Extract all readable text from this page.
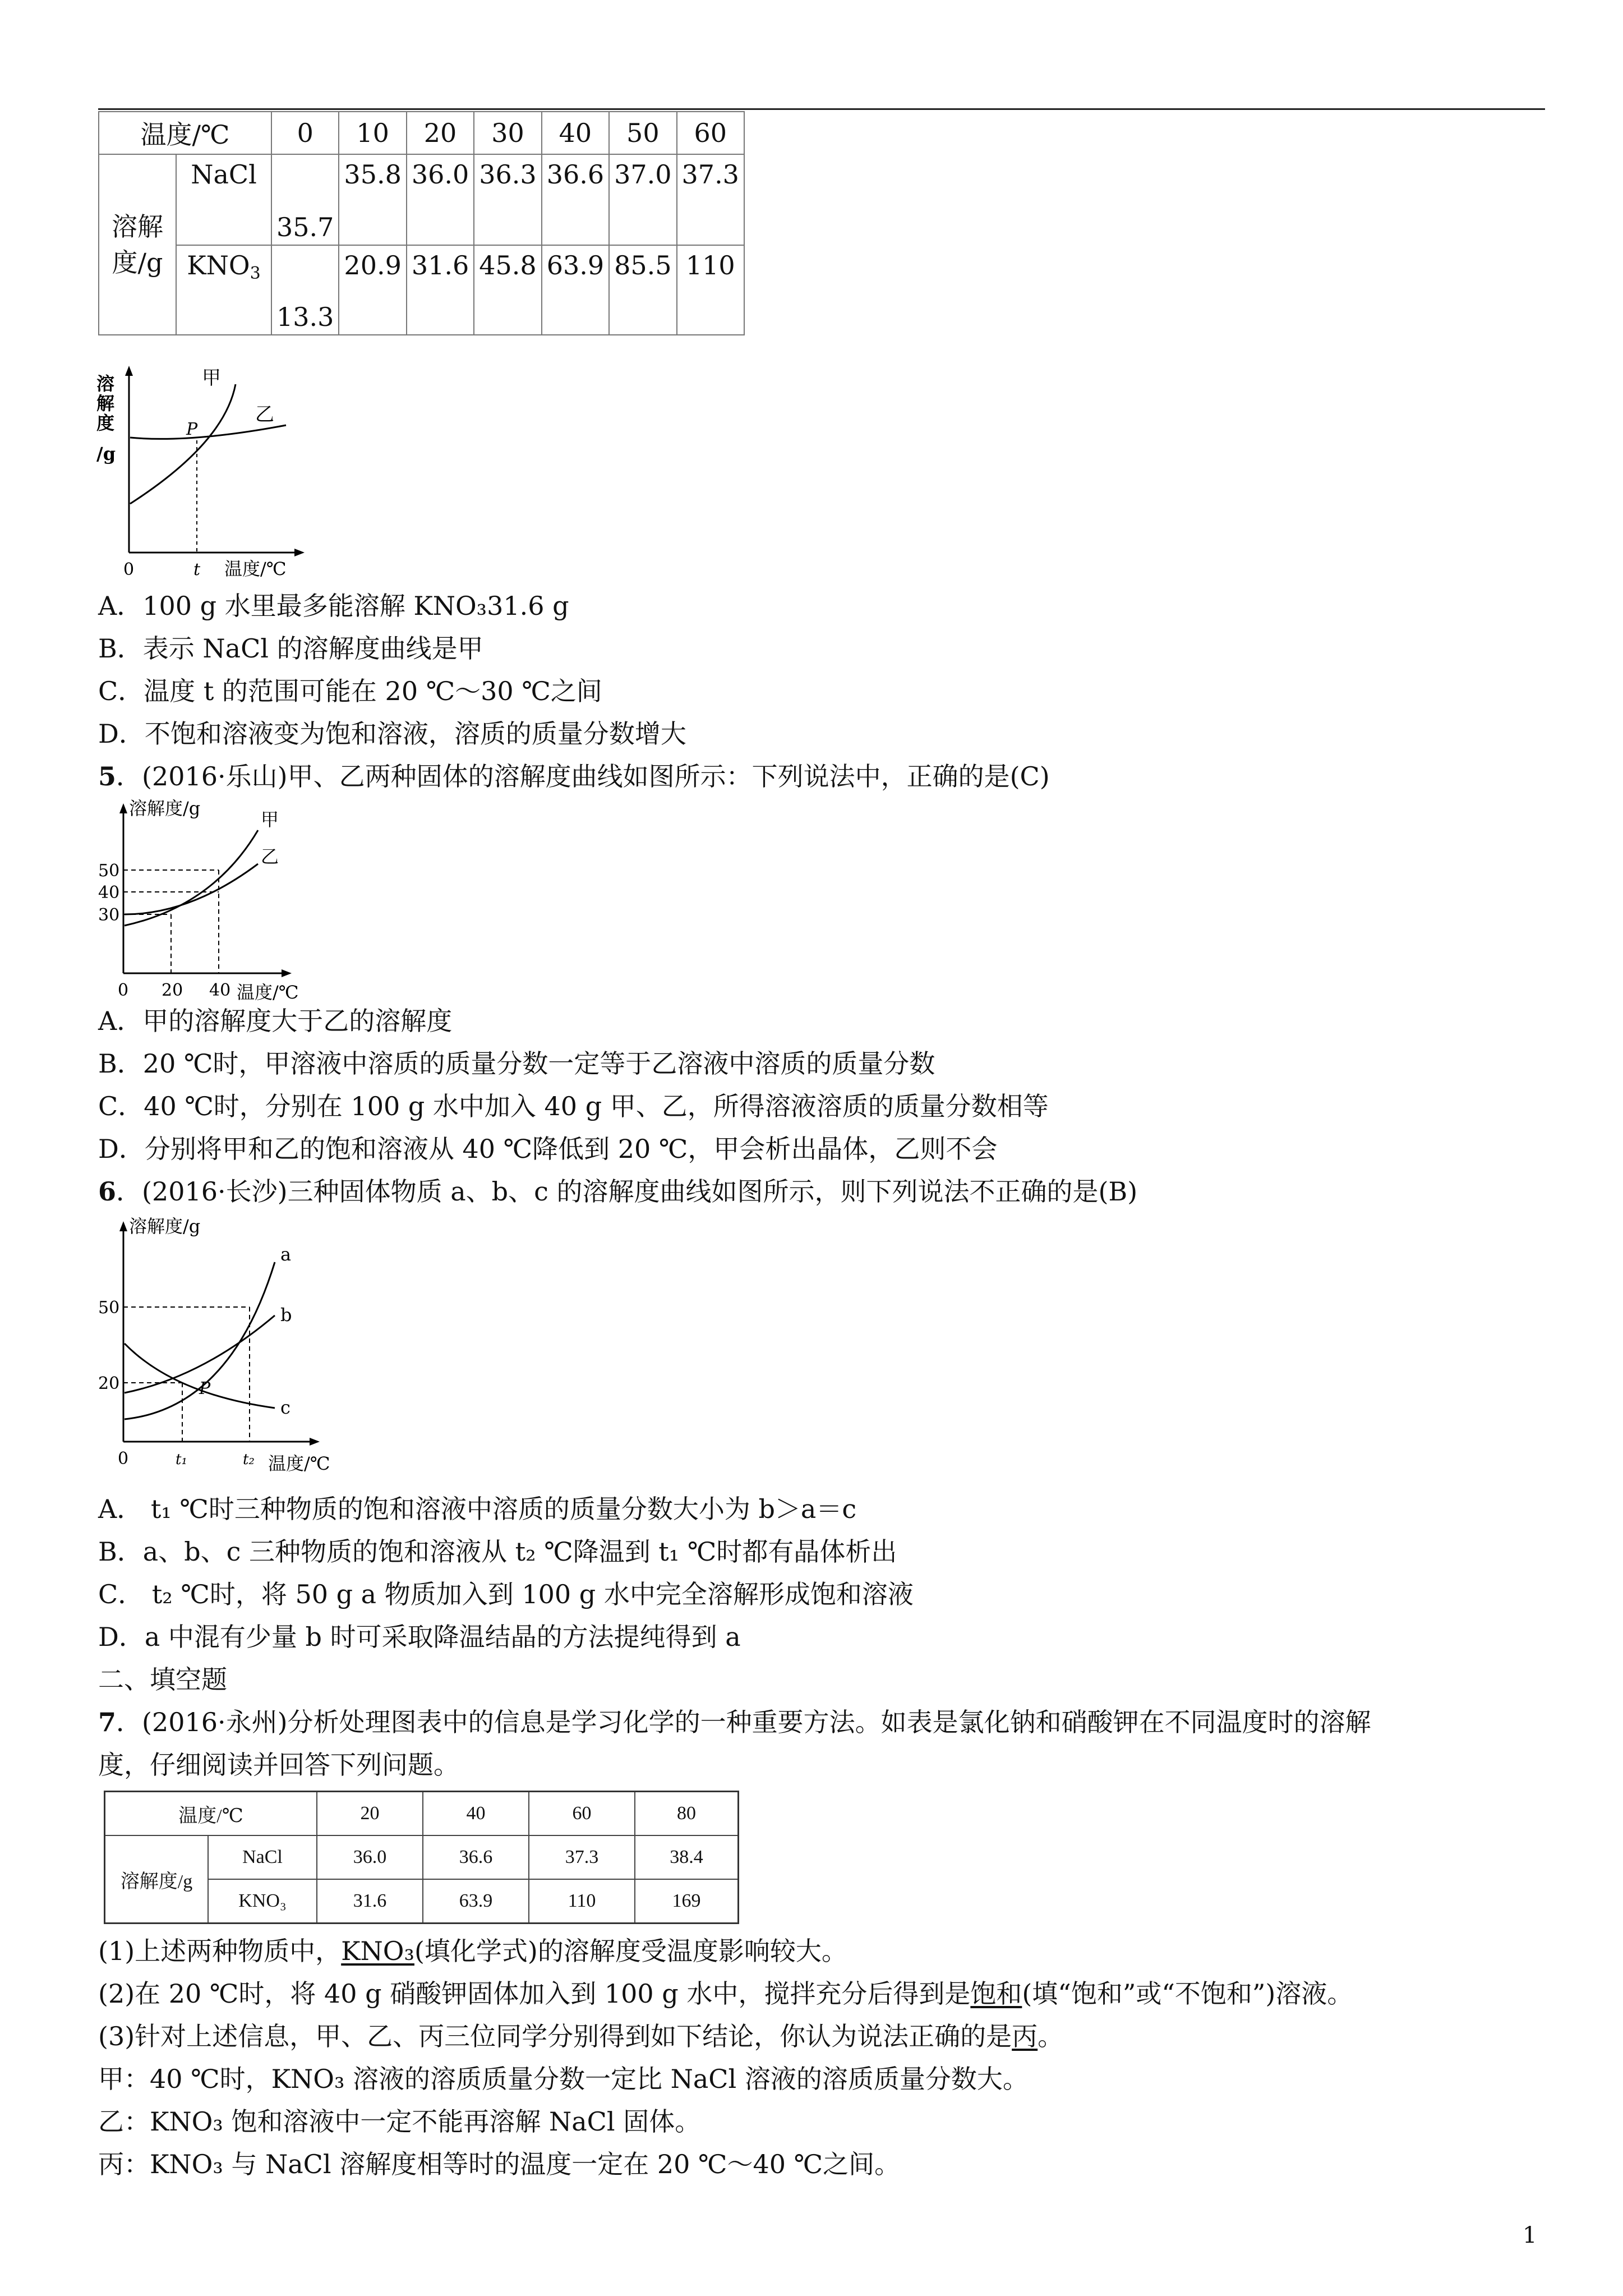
温度/℃		0	10	20	30	40	50	60

溶解
度/g	NaCl	35.7	35.8	36.0	36.3	36.6	37.0	37.3
	$KNO_3$	13.3	20.9	31.6	45.8	63.9	85.5	110
溶
解
度
/g
甲
乙
P
0	t 温度/℃
A．100 g 水里最多能溶解 KNO₃31.6 g
B．表示 NaCl 的溶解度曲线是甲
C．温度 t 的范围可能在 20 ℃～30 ℃之间
D．不饱和溶液变为饱和溶液，溶质的质量分数增大
5．(2016·乐山)甲、乙两种固体的溶解度曲线如图所示：下列说法中，正确的是(C)
溶解度/g
甲
乙
50
40
30
0 20 40 温度/℃
A．甲的溶解度大于乙的溶解度
B．20 ℃时，甲溶液中溶质的质量分数一定等于乙溶液中溶质的质量分数
C．40 ℃时，分别在 100 g 水中加入 40 g 甲、乙，所得溶液溶质的质量分数相等
D．分别将甲和乙的饱和溶液从 40 ℃降低到 20 ℃，甲会析出晶体，乙则不会
6．(2016·长沙)三种固体物质 a、b、c 的溶解度曲线如图所示，则下列说法不正确的是(B)
溶解度/g
a
b
c
P
50
20
0	t₁	t₂ 温度/℃
A． t₁ ℃时三种物质的饱和溶液中溶质的质量分数大小为 b＞a＝c
B．a、b、c 三种物质的饱和溶液从 t₂ ℃降温到 t₁ ℃时都有晶体析出
C． t₂ ℃时，将 50 g a 物质加入到 100 g 水中完全溶解形成饱和溶液
D．a 中混有少量 b 时可采取降温结晶的方法提纯得到 a
二、填空题
7．(2016·永州)分析处理图表中的信息是学习化学的一种重要方法。如表是氯化钠和硝酸钾在不同温度时的溶解
度，仔细阅读并回答下列问题。
温度/℃		20	40	60	80
溶解度/g	NaCl	36.0	36.6	37.3	38.4
	KNO₃	31.6	63.9	110	169
(1)上述两种物质中，KNO₃(填化学式)的溶解度受温度影响较大。
(2)在 20 ℃时，将 40 g 硝酸钾固体加入到 100 g 水中，搅拌充分后得到是饱和(填“饱和”或“不饱和”)溶液。
(3)针对上述信息，甲、乙、丙三位同学分别得到如下结论，你认为说法正确的是丙。
甲：40 ℃时，KNO₃ 溶液的溶质质量分数一定比 NaCl 溶液的溶质质量分数大。
乙：KNO₃ 饱和溶液中一定不能再溶解 NaCl 固体。
丙：KNO₃ 与 NaCl 溶解度相等时的温度一定在 20 ℃～40 ℃之间。
1
